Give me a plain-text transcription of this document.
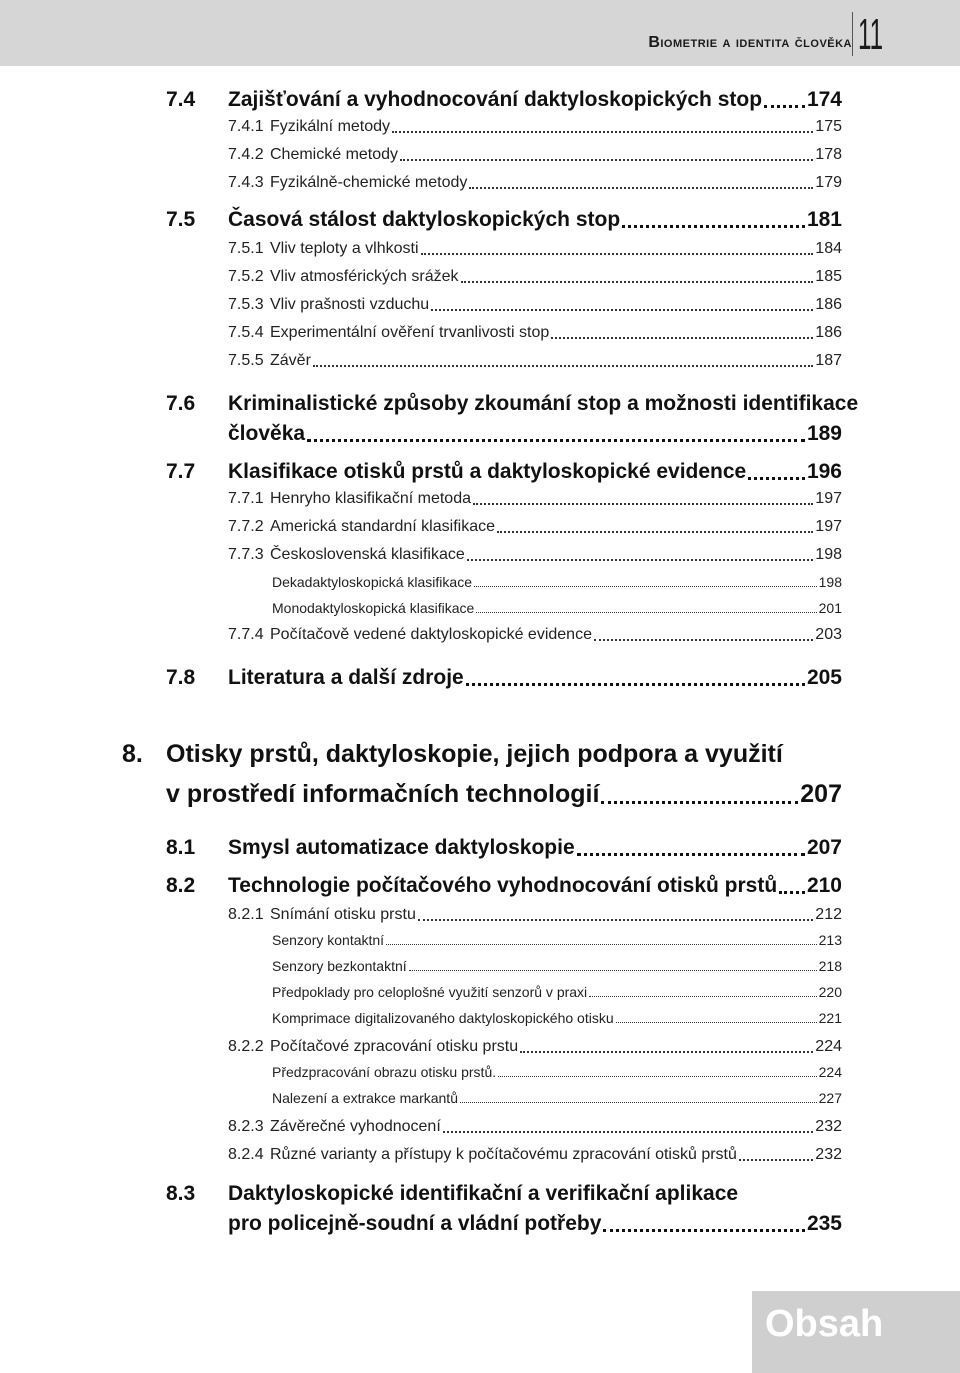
Biometrie a identita člověka 11
7.4 Zajišťování a vyhodnocování daktyloskopických stop 174
7.4.1 Fyzikální metody	175
7.4.2 Chemické metody	178
7.4.3 Fyzikálně-chemické metody	179
7.5 Časová stálost daktyloskopických stop	181
7.5.1 Vliv teploty a vlhkosti	184
7.5.2 Vliv atmosférických srážek	185
7.5.3 Vliv prašnosti vzduchu	186
7.5.4 Experimentální ověření trvanlivosti stop	186
7.5.5 Závěr	187
7.6 Kriminalistické způsoby zkoumání stop a možnosti identifikace
člověka	189
7.7 Klasifikace otisků prstů a daktyloskopické evidence	196
7.7.1 Henryho klasifikační metoda	197
7.7.2 Americká standardní klasifikace	197
7.7.3 Československá klasifikace	198
Dekadaktyloskopická klasifikace	198
Monodaktyloskopická klasifikace	201
7.7.4 Počítačově vedené daktyloskopické evidence	203
7.8 Literatura a další zdroje	205
8. Otisky prstů, daktyloskopie, jejich podpora a využití
v prostředí informačních technologií	207
8.1 Smysl automatizace daktyloskopie	207
8.2 Technologie počítačového vyhodnocování otisků prstů 210
8.2.1 Snímání otisku prstu	212
Senzory kontaktní	213
Senzory bezkontaktní	218
Předpoklady pro celoplošné využití senzorů v praxi	220
Komprimace digitalizovaného daktyloskopického otisku	221
8.2.2 Počítačové zpracování otisku prstu	224
Předzpracování obrazu otisku prstů.	224
Nalezení a extrakce markantů	227
8.2.3 Závěrečné vyhodnocení	232
8.2.4 Různé varianty a přístupy k počítačovému zpracování otisků prstů	232
8.3 Daktyloskopické identifikační a verifikační aplikace
pro policejně-soudní a vládní potřeby	235
Obsah
